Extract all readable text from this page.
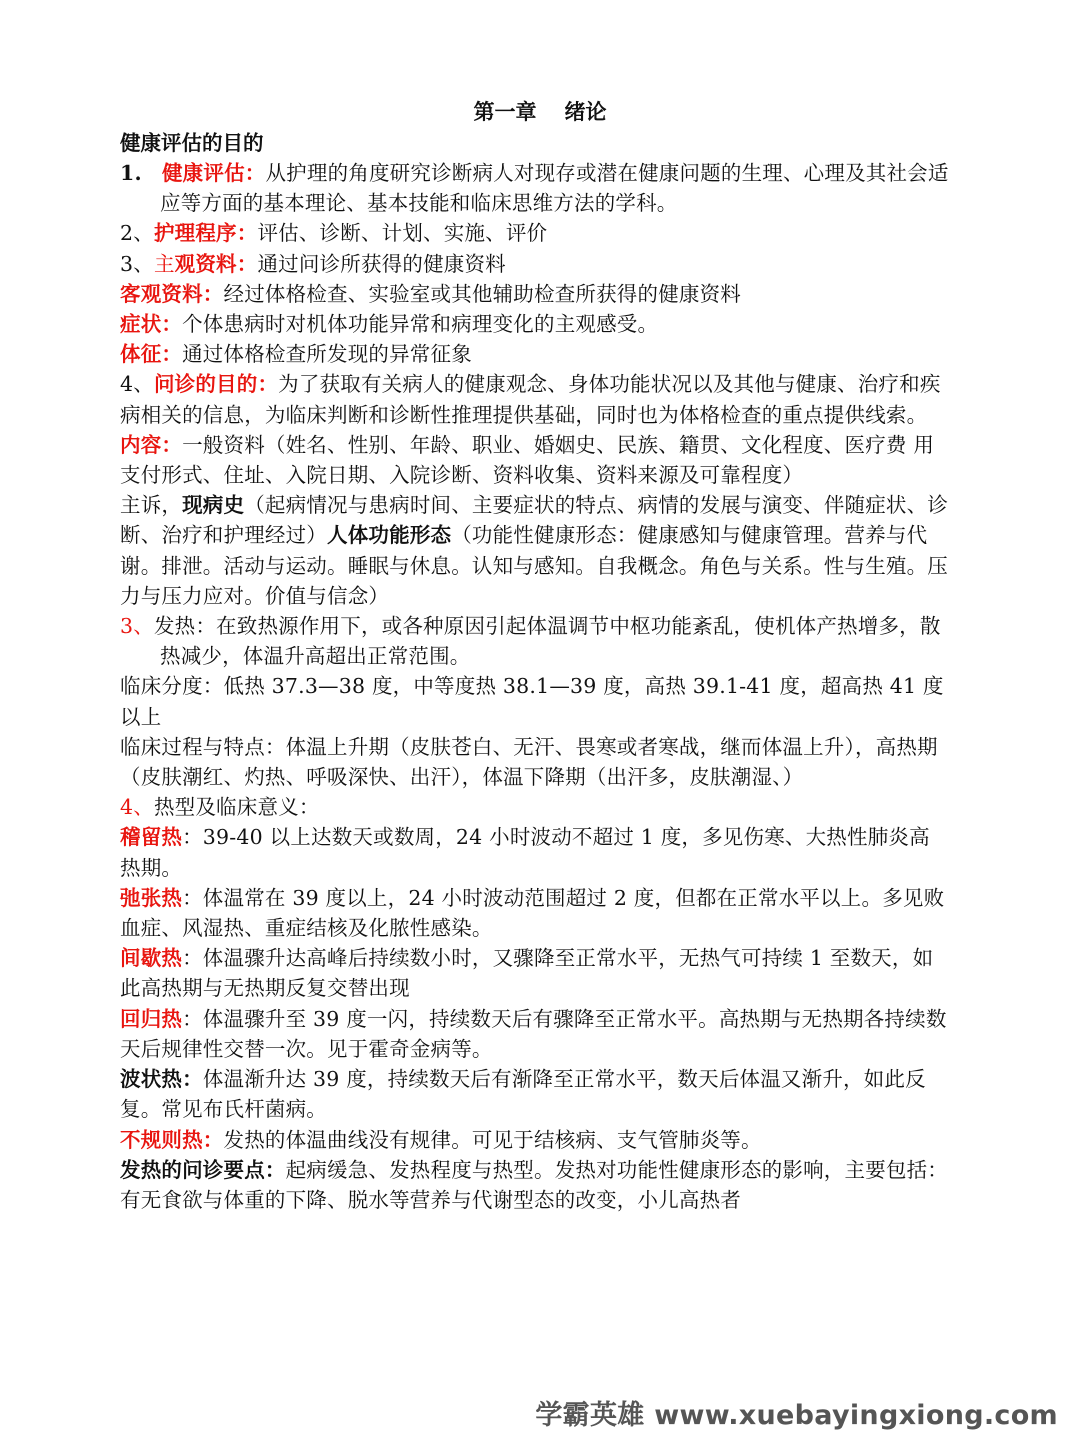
第一章 绪论

健康评估的目的

1. 健康评估：从护理的角度研究诊断病人对现存或潜在健康问题的生理、心理及其社会适应等方面的基本理论、基本技能和临床思维方法的学科。

2、护理程序：评估、诊断、计划、实施、评价

3、主观资料：通过问诊所获得的健康资料

客观资料：经过体格检查、实验室或其他辅助检查所获得的健康资料

症状：个体患病时对机体功能异常和病理变化的主观感受。

体征：通过体格检查所发现的异常征象

4、问诊的目的：为了获取有关病人的健康观念、身体功能状况以及其他与健康、治疗和疾病相关的信息，为临床判断和诊断性推理提供基础，同时也为体格检查的重点提供线索。

内容：一般资料（姓名、性别、年龄、职业、婚姻史、民族、籍贯、文化程度、医疗费 用支付形式、住址、入院日期、入院诊断、资料收集、资料来源及可靠程度）

主诉，现病史（起病情况与患病时间、主要症状的特点、病情的发展与演变、伴随症状、诊断、治疗和护理经过）人体功能形态（功能性健康形态：健康感知与健康管理。营养与代谢。排泄。活动与运动。睡眠与休息。认知与感知。自我概念。角色与关系。性与生殖。压力与压力应对。价值与信念）

3、发热：在致热源作用下，或各种原因引起体温调节中枢功能紊乱，使机体产热增多，散热减少，体温升高超出正常范围。

临床分度：低热 37.3—38 度，中等度热 38.1—39 度，高热 39.1-41 度，超高热 41 度以上

临床过程与特点：体温上升期（皮肤苍白、无汗、畏寒或者寒战，继而体温上升），高热期（皮肤潮红、灼热、呼吸深快、出汗），体温下降期（出汗多，皮肤潮湿、）

4、热型及临床意义：

稽留热：39-40 以上达数天或数周，24 小时波动不超过 1 度，多见伤寒、大热性肺炎高热期。

弛张热：体温常在 39 度以上，24 小时波动范围超过 2 度，但都在正常水平以上。多见败血症、风湿热、重症结核及化脓性感染。

间歇热：体温骤升达高峰后持续数小时，又骤降至正常水平，无热气可持续 1 至数天，如此高热期与无热期反复交替出现

回归热：体温骤升至 39 度一闪，持续数天后有骤降至正常水平。高热期与无热期各持续数天后规律性交替一次。见于霍奇金病等。

波状热：体温渐升达 39 度，持续数天后有渐降至正常水平，数天后体温又渐升，如此反复。常见布氏杆菌病。

不规则热：发热的体温曲线没有规律。可见于结核病、支气管肺炎等。

发热的问诊要点：起病缓急、发热程度与热型。发热对功能性健康形态的影响，主要包括：有无食欲与体重的下降、脱水等营养与代谢型态的改变，小儿高热者

学霸英雄 www.xuebayingxiong.com
